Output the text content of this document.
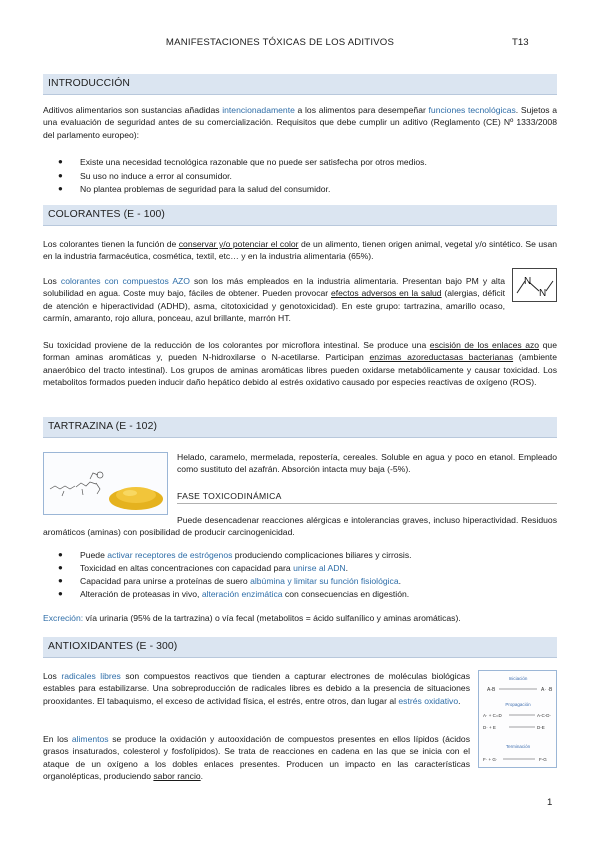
MANIFESTACIONES TÓXICAS DE LOS ADITIVOS	T13
INTRODUCCIÓN
Aditivos alimentarios son sustancias añadidas intencionadamente a los alimentos para desempeñar funciones tecnológicas. Sujetos a una evaluación de seguridad antes de su comercialización. Requisitos que debe cumplir un aditivo (Reglamento (CE) Nº 1333/2008 del parlamento europeo):
● Existe una necesidad tecnológica razonable que no puede ser satisfecha por otros medios.
● Su uso no induce a error al consumidor.
● No plantea problemas de seguridad para la salud del consumidor.
COLORANTES (E - 100)
Los colorantes tienen la función de conservar y/o potenciar el color de un alimento, tienen origen animal, vegetal y/o sintético. Se usan en la industria farmacéutica, cosmética, textil, etc… y en la industria alimentaria (65%).
Los colorantes con compuestos AZO son los más empleados en la industria alimentaria. Presentan bajo PM y alta solubilidad en agua. Coste muy bajo, fáciles de obtener. Pueden provocar efectos adversos en la salud (alergias, déficit de atención e hiperactividad (ADHD), asma, citotoxicidad y genotoxicidad). En este grupo: tartrazina, amarillo ocaso, carmín, amaranto, rojo allura, ponceau, azul brillante, marrón HT.
N
N
Su toxicidad proviene de la reducción de los colorantes por microflora intestinal. Se produce una escisión de los enlaces azo que forman aminas aromáticas y, pueden N-hidroxilarse o N-acetilarse. Participan enzimas azoreductasas bacterianas (ambiente anaeróbico del tracto intestinal). Los grupos de aminas aromáticas libres pueden oxidarse metabólicamente y causar toxicidad. Los metabolitos formados pueden inducir daño hepático debido al estrés oxidativo causado por especies reactivas de oxígeno (ROS).
TARTRAZINA (E - 102)
Helado, caramelo, mermelada, repostería, cereales. Soluble en agua y poco en etanol. Empleado como sustituto del azafrán. Absorción intacta muy baja (-5%).
FASE TOXICODINÁMICA
Puede desencadenar reacciones alérgicas e intolerancias graves, incluso hiperactividad. Residuos aromáticos (aminas) con posibilidad de producir carcinogenicidad.
● Puede activar receptores de estrógenos produciendo complicaciones biliares y cirrosis.
● Toxicidad en altas concentraciones con capacidad para unirse al ADN.
● Capacidad para unirse a proteínas de suero albúmina y limitar su función fisiológica.
● Alteración de proteasas in vivo, alteración enzimática con consecuencias en digestión.
Excreción: vía urinaria (95% de la tartrazina) o vía fecal (metabolitos = ácido sulfanílico y aminas aromáticas).
ANTIOXIDANTES (E - 300)
Los radicales libres son compuestos reactivos que tienden a capturar electrones de moléculas biológicas estables para estabilizarse. Una sobreproducción de radicales libres es debido a la presencia de situaciones prooxidantes. El tabaquismo, el exceso de actividad física, el estrés, entre otros, dan lugar al estrés oxidativo.
En los alimentos se produce la oxidación y autooxidación de compuestos presentes en ellos lípidos (ácidos grasos insaturados, colesterol y fosfolípidos). Se trata de reacciones en cadena en las que se inicia con el ataque de un oxígeno a los dobles enlaces presentes. Producen un impacto en las características organolépticas, produciendo sabor rancio.
Iniciación
A-B	A· ·B
Propagación
A· + C=D	A-C-D·
D· + E	D-E
Terminación
F· + G·	F-G
1
